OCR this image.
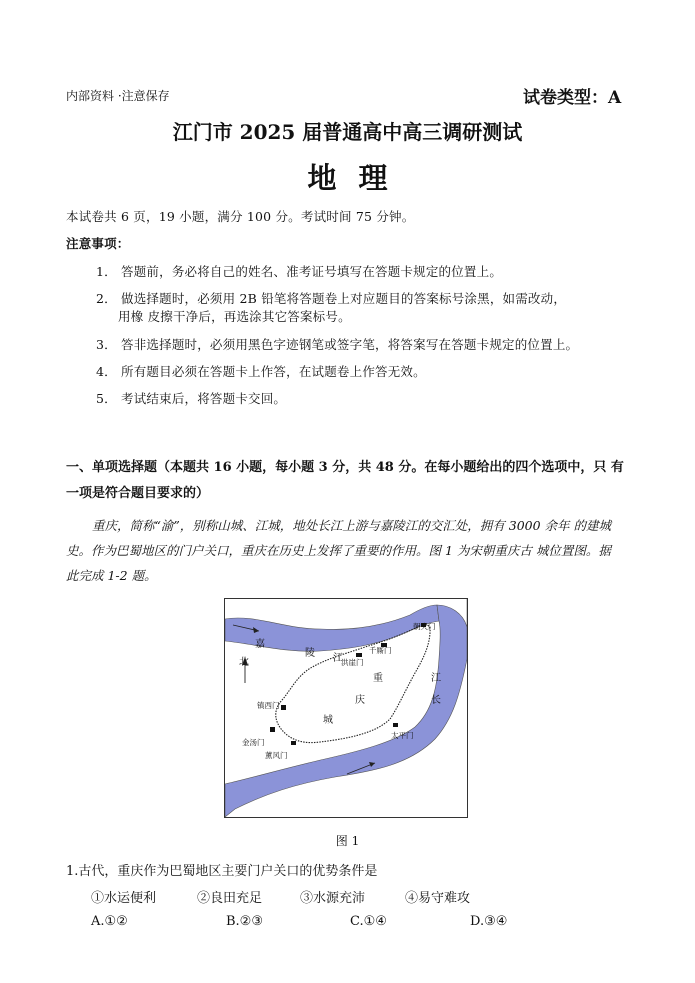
内部资料 ·注意保存	试卷类型：A
江门市 2025 届普通高中高三调研测试
地理
本试卷共 6 页，19 小题，满分 100 分。考试时间 75 分钟。
注意事项：
1． 答题前，务必将自己的姓名、准考证号填写在答题卡规定的位置上。
2． 做选择题时，必须用 2B 铅笔将答题卷上对应题目的答案标号涂黑，如需改动，
用橡 皮擦干净后，再选涂其它答案标号。
3． 答非选择题时，必须用黑色字迹钢笔或签字笔，将答案写在答题卡规定的位置上。
4． 所有题目必须在答题卡上作答，在试题卷上作答无效。
5． 考试结束后，将答题卡交回。
一、单项选择题（本题共 16 小题，每小题 3 分，共 48 分。在每小题给出的四个选项中，只 有一项是符合题目要求的）
重庆，简称“渝”，别称山城、江城，地处长江上游与嘉陵江的交汇处，拥有 3000 余年 的建城史。作为巴蜀地区的门户关口，重庆在历史上发挥了重要的作用。图 1 为宋朝重庆古 城位置图。据此完成 1-2 题。
嘉
陵 江
江
长
重
庆
城
北
朝天门
千厮门
洪崖门
镇西门
金汤门
薰风门
太平门
图 1
1.古代，重庆作为巴蜀地区主要门户关口的优势条件是
①水运便利	②良田充足	③水源充沛	④易守难攻
A.①②	B.②③	C.①④	D.③④
